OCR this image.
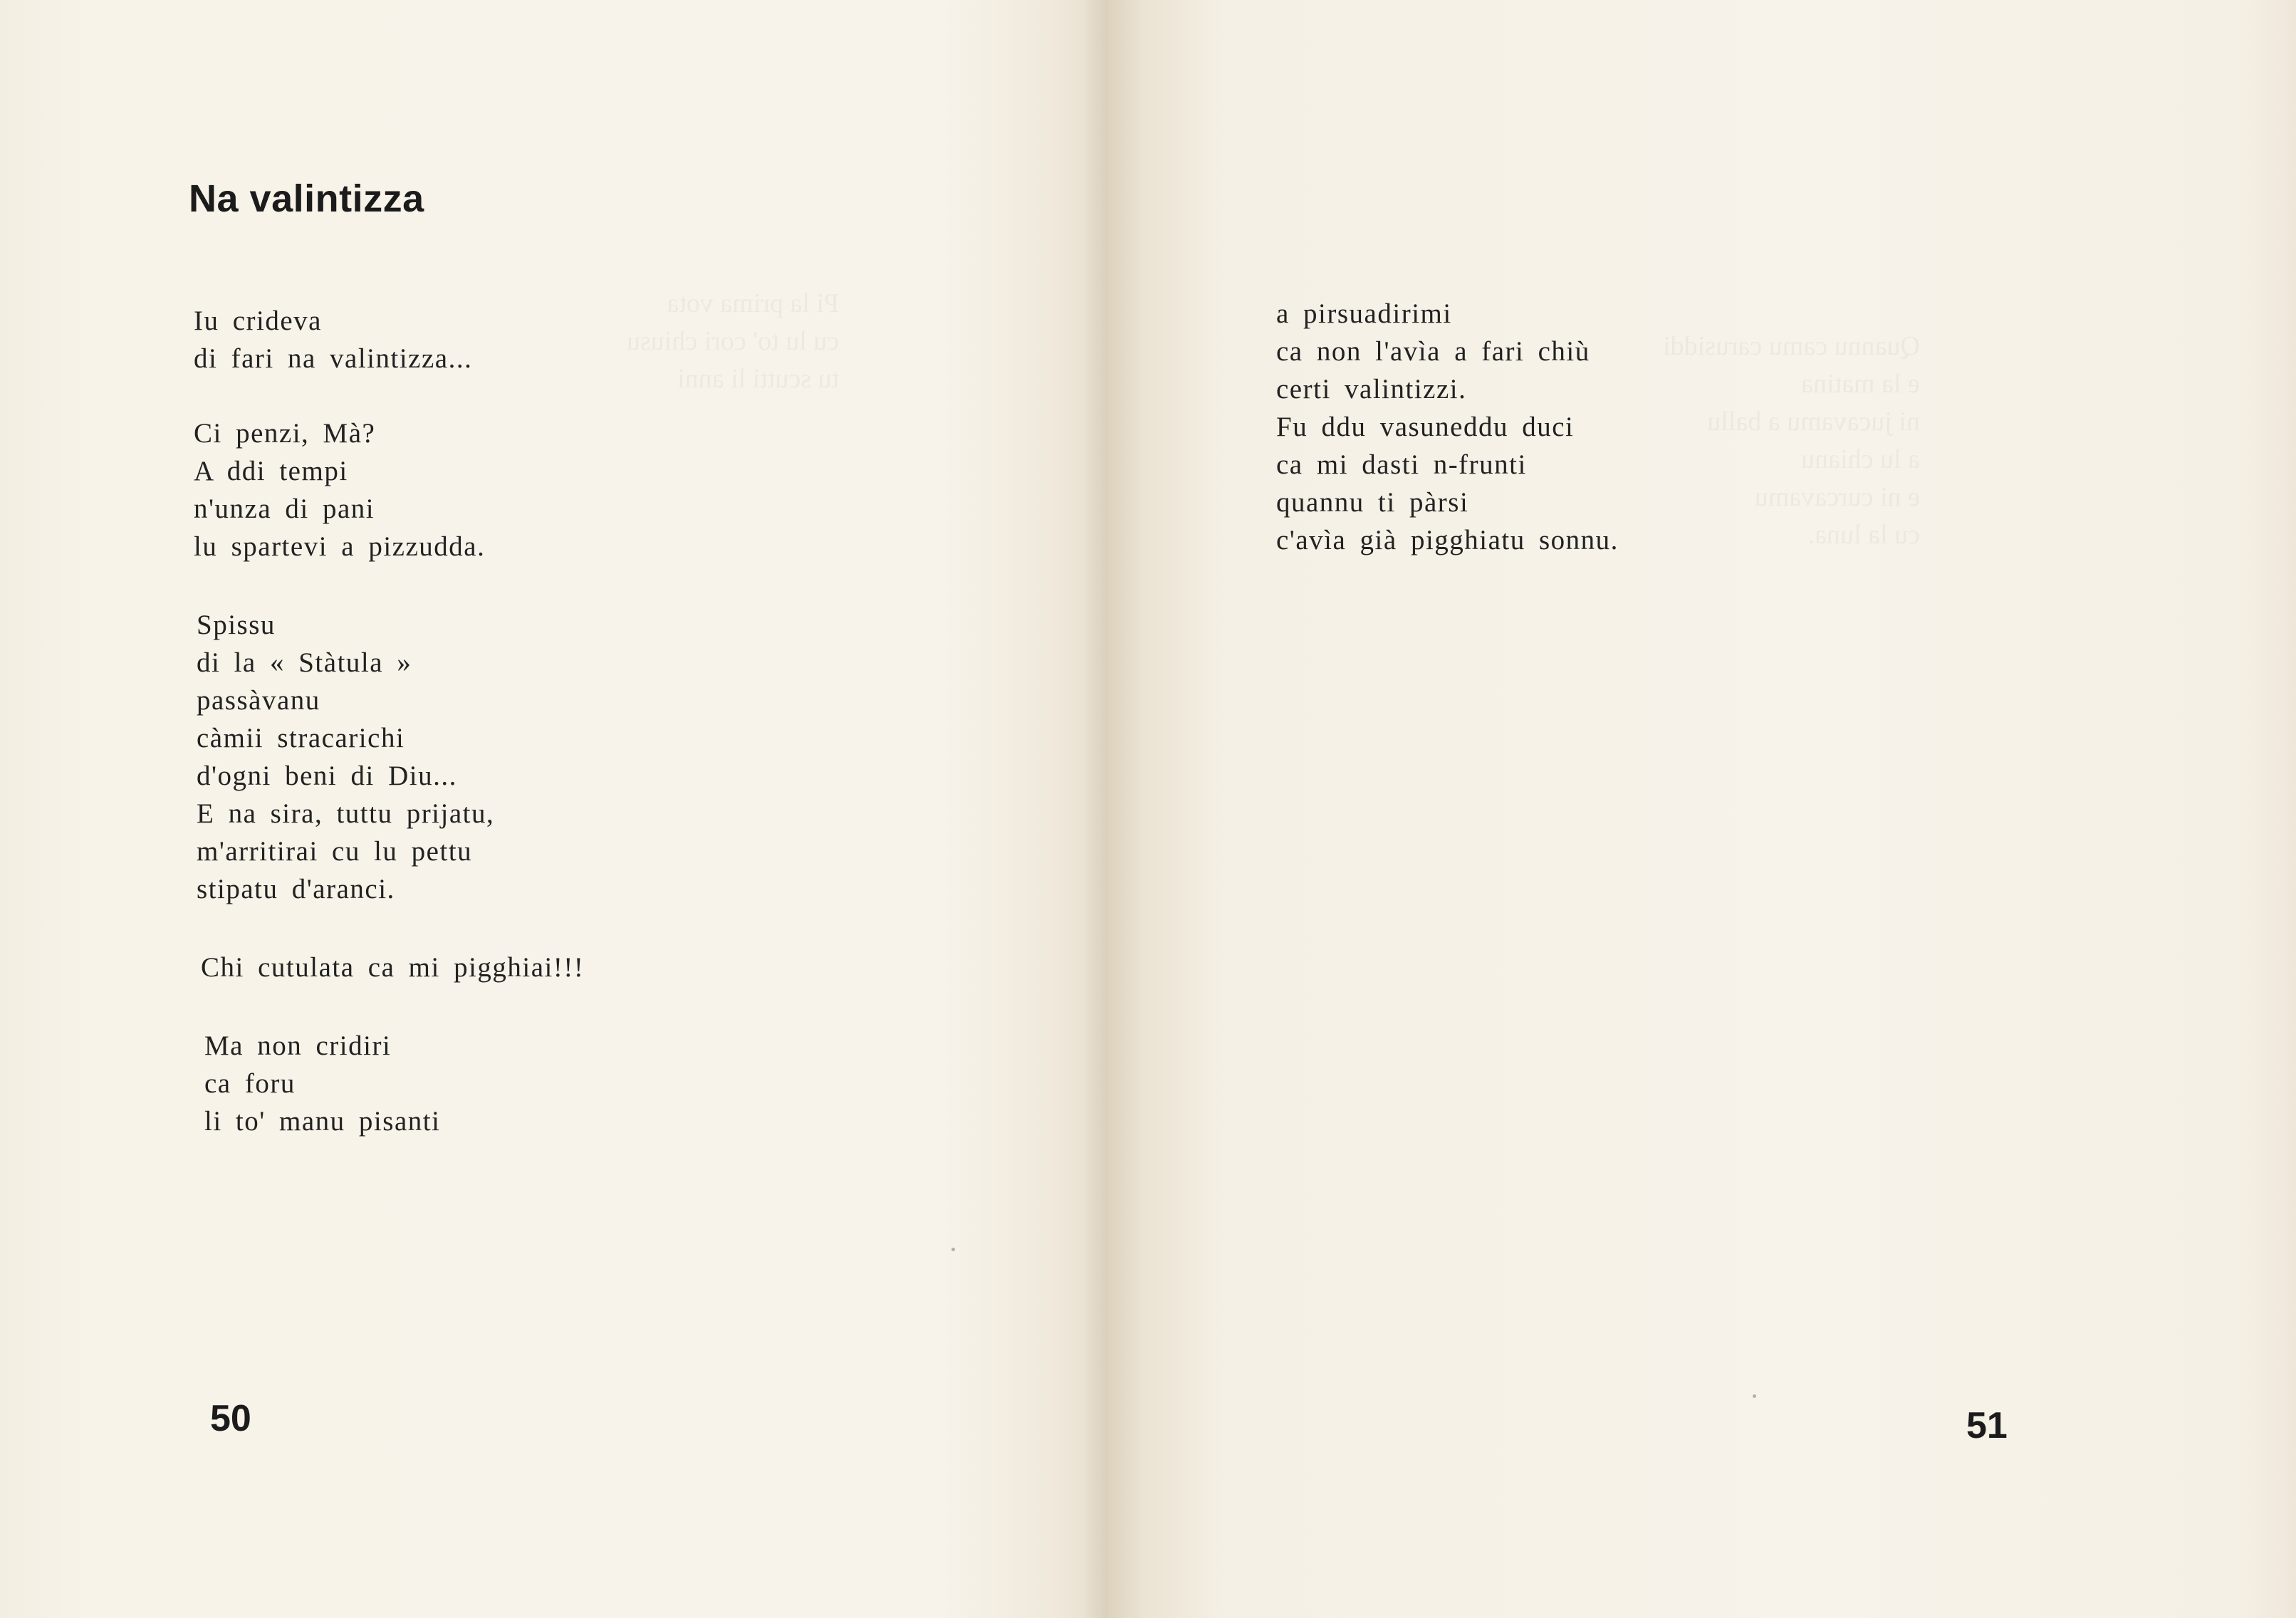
Na valintizza
Iu crideva
di fari na valintizza...
Ci penzi, Mà?
A ddi tempi
n'unza di pani
lu spartevi a pizzudda.
Spissu
di la « Stàtula »
passàvanu
càmii stracarichi
d'ogni beni di Diu...
E na sira, tuttu prijatu,
m'arritirai cu lu pettu
stipatu d'aranci.
Chi cutulata ca mi pigghiai!!!
Ma non cridiri
ca foru
li to' manu pisanti
50
Pi la prima vota
cu lu to' cori chiusu
tu scutti li anni
a pirsuadirimi
ca non l'avìa a fari chiù
certi valintizzi.
Fu ddu vasuneddu duci
ca mi dasti n-frunti
quannu ti pàrsi
c'avìa già pigghiatu sonnu.
51
Quannu camu carusiddi
e la matina
ni jucavamu a ballu
a lu chianu
e ni curcavamu
cu la luna.
